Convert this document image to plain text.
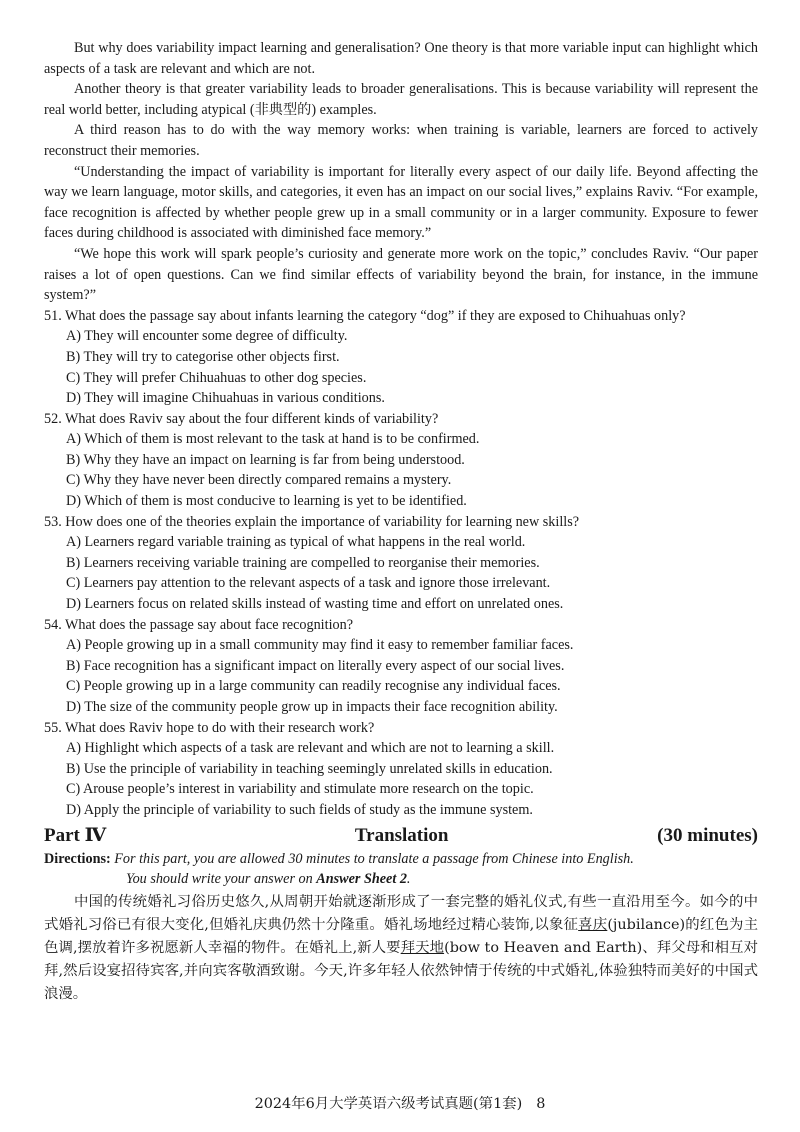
But why does variability impact learning and generalisation? One theory is that more variable input can highlight which aspects of a task are relevant and which are not.

Another theory is that greater variability leads to broader generalisations. This is because variability will represent the real world better, including atypical (非典型的) examples.

A third reason has to do with the way memory works: when training is variable, learners are forced to actively reconstruct their memories.

“Understanding the impact of variability is important for literally every aspect of our daily life. Beyond affecting the way we learn language, motor skills, and categories, it even has an impact on our social lives,” explains Raviv. “For example, face recognition is affected by whether people grew up in a small community or in a larger community. Exposure to fewer faces during childhood is associated with diminished face memory.”

“We hope this work will spark people’s curiosity and generate more work on the topic,” concludes Raviv. “Our paper raises a lot of open questions. Can we find similar effects of variability beyond the brain, for instance, in the immune system?”

51. What does the passage say about infants learning the category “dog” if they are exposed to Chihuahuas only?

A) They will encounter some degree of difficulty.
B) They will try to categorise other objects first.
C) They will prefer Chihuahuas to other dog species.
D) They will imagine Chihuahuas in various conditions.

52. What does Raviv say about the four different kinds of variability?

A) Which of them is most relevant to the task at hand is to be confirmed.
B) Why they have an impact on learning is far from being understood.
C) Why they have never been directly compared remains a mystery.
D) Which of them is most conducive to learning is yet to be identified.

53. How does one of the theories explain the importance of variability for learning new skills?

A) Learners regard variable training as typical of what happens in the real world.
B) Learners receiving variable training are compelled to reorganise their memories.
C) Learners pay attention to the relevant aspects of a task and ignore those irrelevant.
D) Learners focus on related skills instead of wasting time and effort on unrelated ones.

54. What does the passage say about face recognition?

A) People growing up in a small community may find it easy to remember familiar faces.
B) Face recognition has a significant impact on literally every aspect of our social lives.
C) People growing up in a large community can readily recognise any individual faces.
D) The size of the community people grow up in impacts their face recognition ability.

55. What does Raviv hope to do with their research work?

A) Highlight which aspects of a task are relevant and which are not to learning a skill.
B) Use the principle of variability in teaching seemingly unrelated skills in education.
C) Arouse people’s interest in variability and stimulate more research on the topic.
D) Apply the principle of variability to such fields of study as the immune system.
Part Ⅳ	Translation	(30 minutes)
Directions: For this part, you are allowed 30 minutes to translate a passage from Chinese into English.
You should write your answer on Answer Sheet 2.

中国的传统婚礼习俗历史悠久,从周朝开始就逐渐形成了一套完整的婚礼仪式,有些一直沿用至今。如今的中式婚礼习俗已有很大变化,但婚礼庆典仍然十分隆重。婚礼场地经过精心装饰,以象征喜庆(jubilance)的红色为主色调,摆放着许多祝愿新人幸福的物件。在婚礼上,新人要拜天地(bow to Heaven and Earth)、拜父母和相互对拜,然后设宴招待宾客,并向宾客敬酒致谢。今天,许多年轻人依然钟情于传统的中式婚礼,体验独特而美好的中国式浪漫。

2024年6月大学英语六级考试真题(第1套) 8
